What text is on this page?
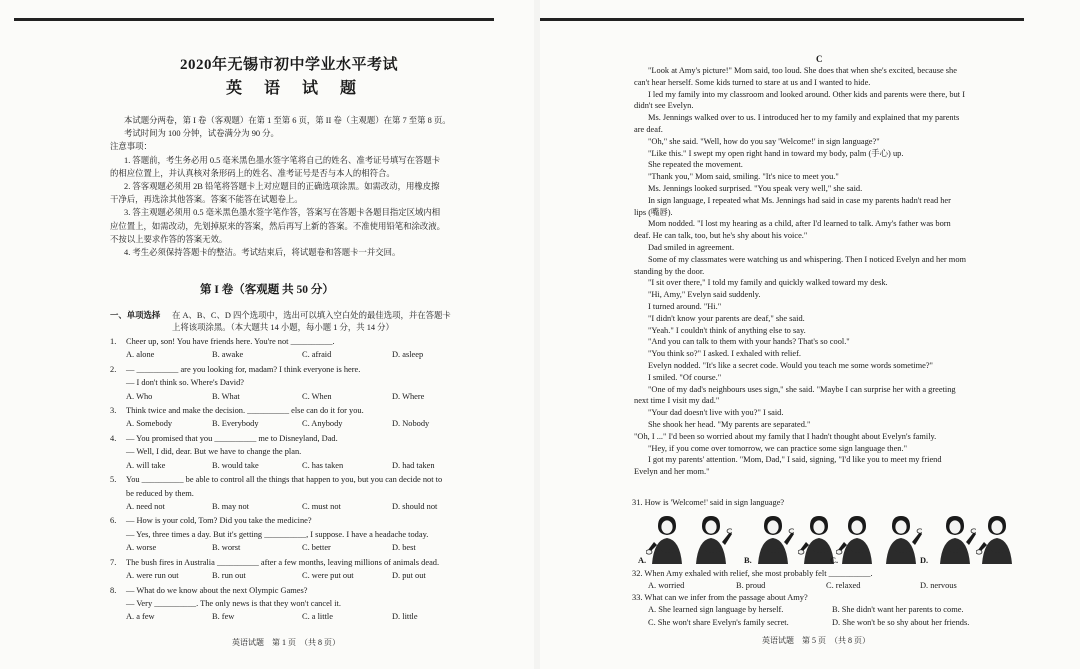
2020年无锡市初中学业水平考试
英 语 试 题
第 I 卷（客观题 共 50 分）
一、单项选择 在 A、B、C、D 四个选项中，选出可以填入空白处的最佳选项，并在答题卡
上将该项涂黑。（本大题共 14 小题，每小题 1 分，共 14 分）
英语试题　第 1 页　（共 8 页）
本试题分两卷，第 I 卷（客观题）在第 1 至第 6 页，第 II 卷（主观题）在第 7 至第 8 页。
考试时间为 100 分钟，试卷满分为 90 分。
注意事项：
1. 答题前，考生务必用 0.5 毫米黑色墨水签字笔将自己的姓名、准考证号填写在答题卡
的相应位置上，并认真核对条形码上的姓名、准考证号是否与本人的相符合。
2. 答客观题必须用 2B 铅笔将答题卡上对应题目的正确选项涂黑。如需改动，用橡皮擦
干净后，再选涂其他答案。答案不能答在试题卷上。
3. 答主观题必须用 0.5 毫米黑色墨水签字笔作答，答案写在答题卡各题目指定区域内相
应位置上，如需改动，先划掉原来的答案，然后再写上新的答案。不准使用铅笔和涂改液。
不按以上要求作答的答案无效。
4. 考生必须保持答题卡的整洁。考试结束后，将试题卷和答题卡一并交回。
1. Cheer up, son! You have friends here. You're not __________.
A. alone	B. awake	C. afraid	D. asleep
2. — __________ are you looking for, madam? I think everyone is here.
— I don't think so. Where's David?
A. Who	B. What	C. When	D. Where
3. Think twice and make the decision. __________ else can do it for you.
A. Somebody	B. Everybody	C. Anybody	D. Nobody
4. — You promised that you __________ me to Disneyland, Dad.
— Well, I did, dear. But we have to change the plan.
A. will take	B. would take	C. has taken	D. had taken
5. You __________ be able to control all the things that happen to you, but you can decide not to
be reduced by them.
A. need not	B. may not	C. must not	D. should not
6. — How is your cold, Tom? Did you take the medicine?
— Yes, three times a day. But it's getting __________, I suppose. I have a headache today.
A. worse	B. worst	C. better	D. best
7. The bush fires in Australia __________ after a few months, leaving millions of animals dead.
A. were run out	B. run out	C. were put out	D. put out
8. — What do we know about the next Olympic Games?
— Very __________. The only news is that they won't cancel it.
A. a few	B. few	C. a little	D. little
C
31. How is 'Welcome!' said in sign language?
32. When Amy exhaled with relief, she most probably felt __________.
33. What can we infer from the passage about Amy?
英语试题　第 5 页　（共 8 页）
"Look at Amy's picture!" Mom said, too loud. She does that when she's excited, because she
can't hear herself. Some kids turned to stare at us and I wanted to hide.
I led my family into my classroom and looked around. Other kids and parents were there, but I
didn't see Evelyn.
Ms. Jennings walked over to us. I introduced her to my family and explained that my parents
are deaf.
"Oh," she said. "Well, how do you say 'Welcome!' in sign language?"
"Like this." I swept my open right hand in toward my body, palm (手心) up.
She repeated the movement.
"Thank you," Mom said, smiling. "It's nice to meet you."
Ms. Jennings looked surprised. "You speak very well," she said.
In sign language, I repeated what Ms. Jennings had said in case my parents hadn't read her
lips (嘴唇).
Mom nodded. "I lost my hearing as a child, after I'd learned to talk. Amy's father was born
deaf. He can talk, too, but he's shy about his voice."
Dad smiled in agreement.
Some of my classmates were watching us and whispering. Then I noticed Evelyn and her mom
standing by the door.
"I sit over there," I told my family and quickly walked toward my desk.
"Hi, Amy," Evelyn said suddenly.
I turned around. "Hi."
"I didn't know your parents are deaf," she said.
"Yeah." I couldn't think of anything else to say.
"And you can talk to them with your hands? That's so cool."
"You think so?" I asked. I exhaled with relief.
Evelyn nodded. "It's like a secret code. Would you teach me some words sometime?"
I smiled. "Of course."
"One of my dad's neighbours uses sign," she said. "Maybe I can surprise her with a greeting
next time I visit my dad."
"Your dad doesn't live with you?" I said.
She shook her head. "My parents are separated."
"Oh, I ..." I'd been so worried about my family that I hadn't thought about Evelyn's family.
"Hey, if you come over tomorrow, we can practice some sign language then."
I got my parents' attention. "Mom, Dad," I said, signing, "I'd like you to meet my friend
Evelyn and her mom."
A.	B.	C.	D.
A. worried	B. proud	C. relaxed	D. nervous
A. She learned sign language by herself.	B. She didn't want her parents to come.
C. She won't share Evelyn's family secret.	D. She won't be so shy about her friends.
